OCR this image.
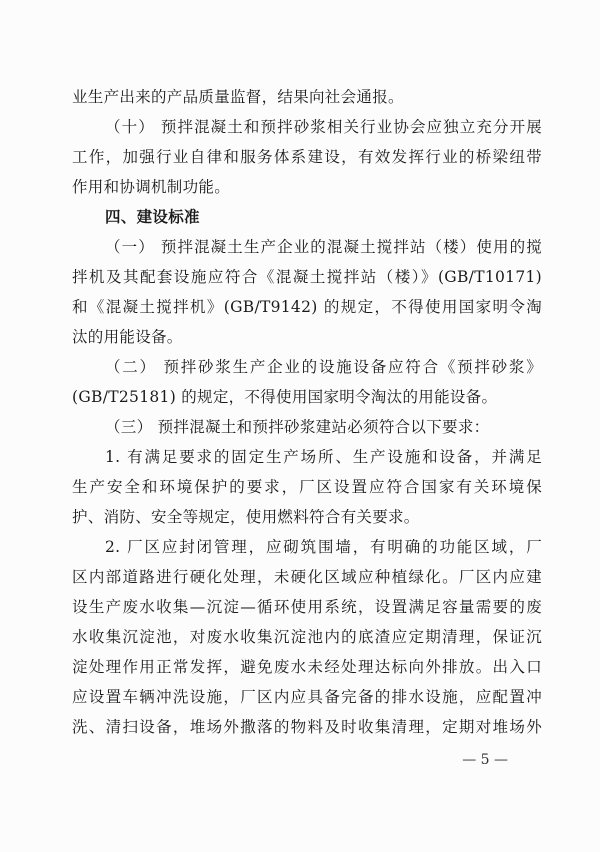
业生产出来的产品质量监督，结果向社会通报。
（十） 预拌混凝土和预拌砂浆相关行业协会应独立充分开展
工作，加强行业自律和服务体系建设，有效发挥行业的桥梁纽带
作用和协调机制功能。
四、建设标准
（一） 预拌混凝土生产企业的混凝土搅拌站（楼）使用的搅
拌机及其配套设施应符合《混凝土搅拌站（楼）》(GB/T10171)
和《混凝土搅拌机》(GB/T9142) 的规定，不得使用国家明令淘
汰的用能设备。
（二） 预拌砂浆生产企业的设施设备应符合《预拌砂浆》
(GB/T25181) 的规定，不得使用国家明令淘汰的用能设备。
（三） 预拌混凝土和预拌砂浆建站必须符合以下要求：
1. 有满足要求的固定生产场所、生产设施和设备，并满足
生产安全和环境保护的要求，厂区设置应符合国家有关环境保
护、消防、安全等规定，使用燃料符合有关要求。
2. 厂区应封闭管理，应砌筑围墙，有明确的功能区域，厂
区内部道路进行硬化处理，未硬化区域应种植绿化。厂区内应建
设生产废水收集—沉淀—循环使用系统，设置满足容量需要的废
水收集沉淀池，对废水收集沉淀池内的底渣应定期清理，保证沉
淀处理作用正常发挥，避免废水未经处理达标向外排放。出入口
应设置车辆冲洗设施，厂区内应具备完备的排水设施，应配置冲
洗、清扫设备，堆场外撒落的物料及时收集清理，定期对堆场外
— 5 —
